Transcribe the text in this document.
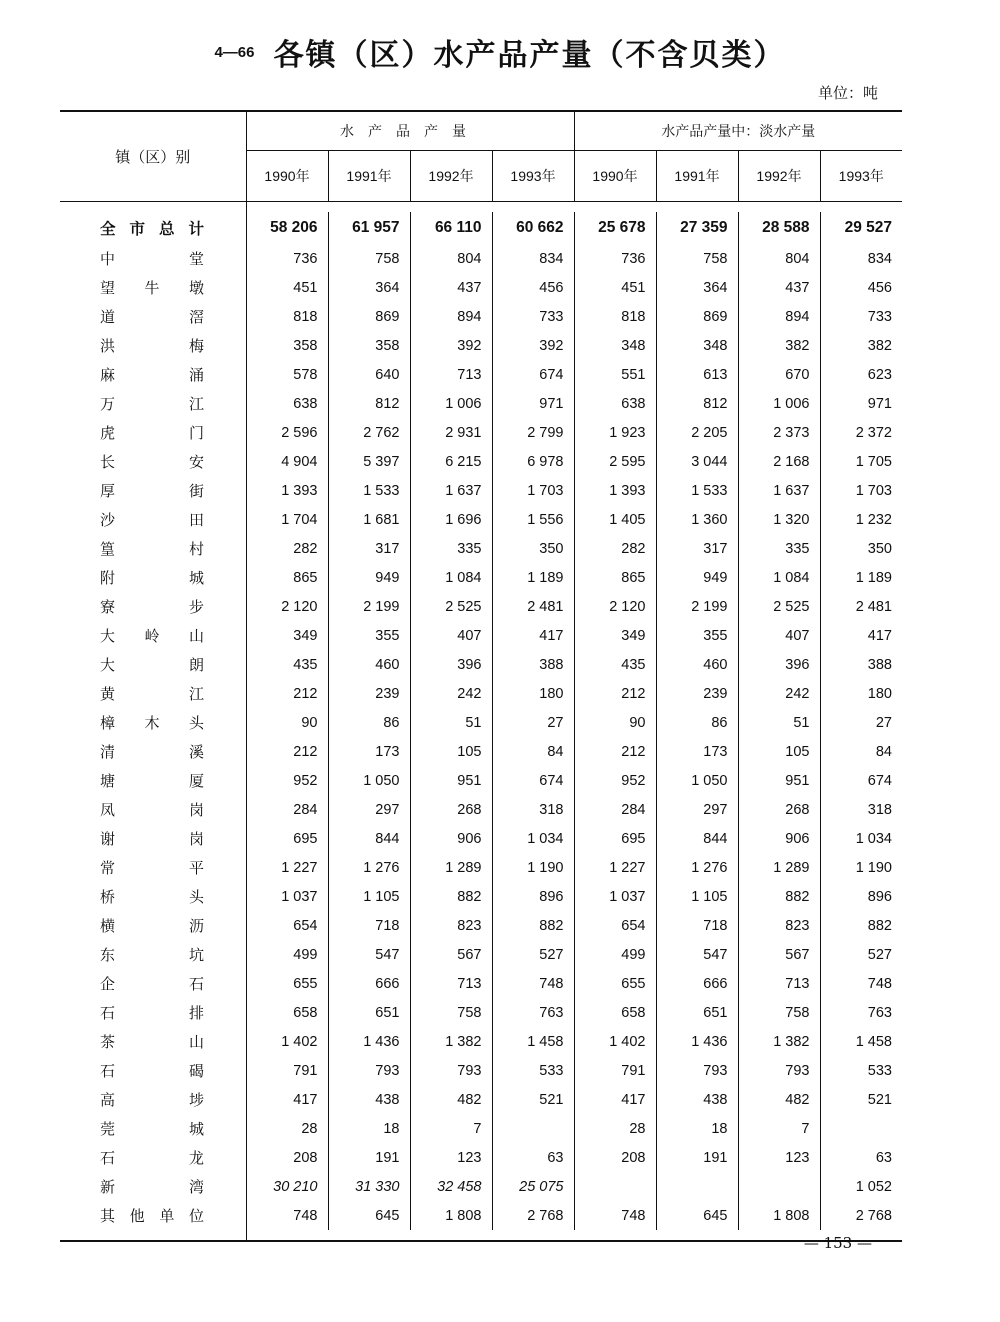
4—66 各镇（区）水产品产量（不含贝类）
单位：吨
镇（区）别	水产品产量				水产品产量中：淡水产量			
	1990年	1991年	1992年	1993年	1990年	1991年	1992年	1993年

全 市 总 计	58 206	61 957	66 110	60 662	25 678	27 359	28 588	29 527

中 堂	736	758	804	834	736	758	804	834

望 牛 墩	451	364	437	456	451	364	437	456

道 滘	818	869	894	733	818	869	894	733

洪 梅	358	358	392	392	348	348	382	382

麻 涌	578	640	713	674	551	613	670	623

万 江	638	812	1 006	971	638	812	1 006	971

虎 门	2 596	2 762	2 931	2 799	1 923	2 205	2 373	2 372

长 安	4 904	5 397	6 215	6 978	2 595	3 044	2 168	1 705

厚 街	1 393	1 533	1 637	1 703	1 393	1 533	1 637	1 703

沙 田	1 704	1 681	1 696	1 556	1 405	1 360	1 320	1 232

篁 村	282	317	335	350	282	317	335	350

附 城	865	949	1 084	1 189	865	949	1 084	1 189

寮 步	2 120	2 199	2 525	2 481	2 120	2 199	2 525	2 481

大 岭 山	349	355	407	417	349	355	407	417

大 朗	435	460	396	388	435	460	396	388

黄 江	212	239	242	180	212	239	242	180

樟 木 头	90	86	51	27	90	86	51	27

清 溪	212	173	105	84	212	173	105	84

塘 厦	952	1 050	951	674	952	1 050	951	674

凤 岗	284	297	268	318	284	297	268	318

谢 岗	695	844	906	1 034	695	844	906	1 034

常 平	1 227	1 276	1 289	1 190	1 227	1 276	1 289	1 190

桥 头	1 037	1 105	882	896	1 037	1 105	882	896

横 沥	654	718	823	882	654	718	823	882

东 坑	499	547	567	527	499	547	567	527

企 石	655	666	713	748	655	666	713	748

石 排	658	651	758	763	658	651	758	763

茶 山	1 402	1 436	1 382	1 458	1 402	1 436	1 382	1 458

石 碣	791	793	793	533	791	793	793	533

高 埗	417	438	482	521	417	438	482	521

莞 城	28	18	7		28	18	7	

石 龙	208	191	123	63	208	191	123	63

新 湾	30 210	31 330	32 458	25 075				1 052

其 他 单 位	748	645	1 808	2 768	748	645	1 808	2 768

— 153 —
